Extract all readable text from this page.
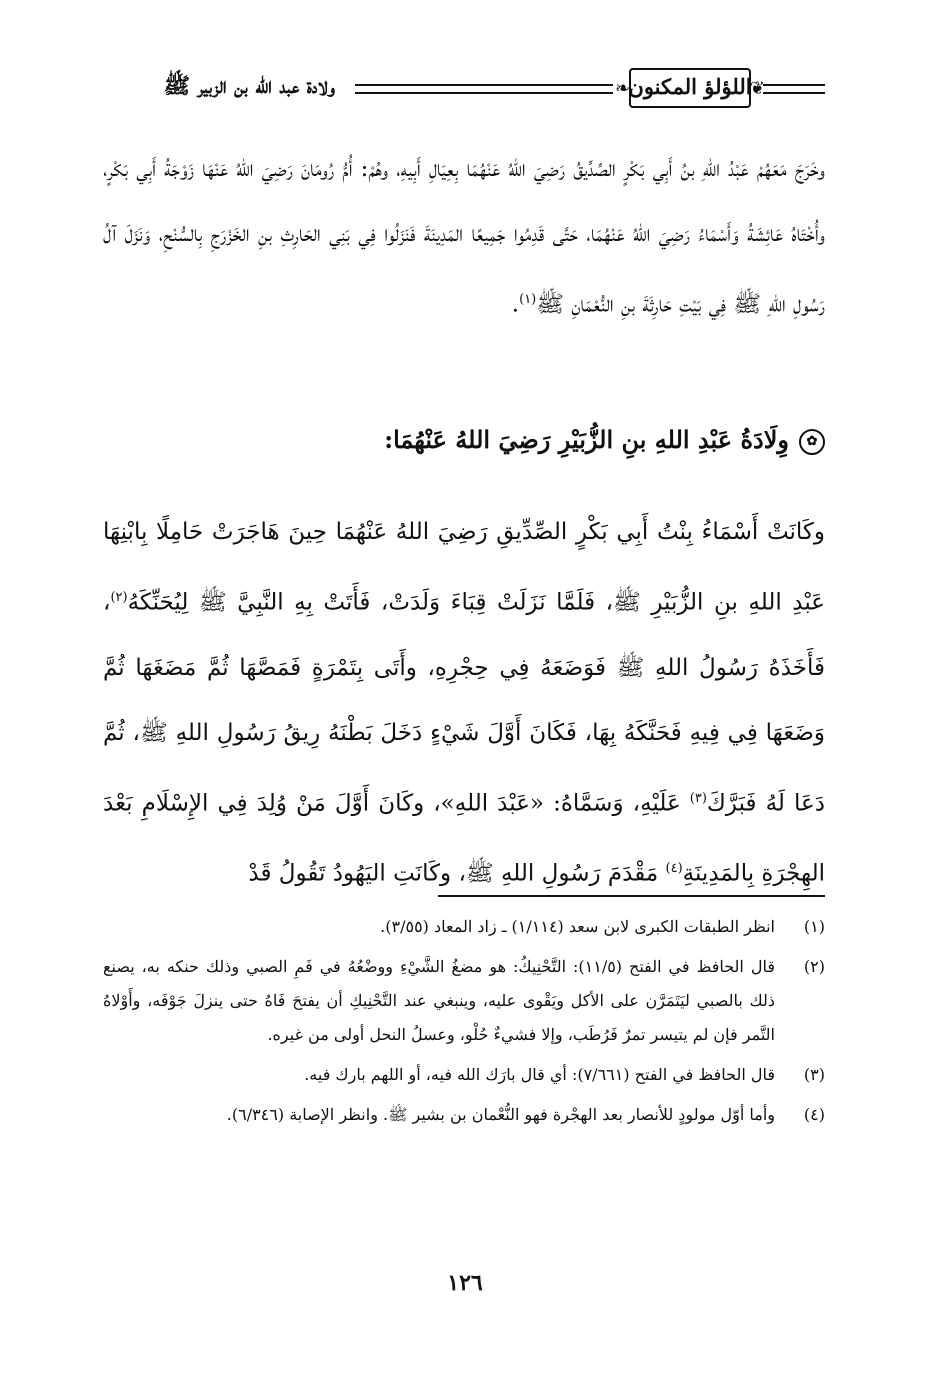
❦
❧
اللؤلؤ المكنون
ولادة عبد الله بن الزبير ﷺ
وخَرَجَ مَعَهُمْ عَبْدُ اللهِ بنُ أَبِي بَكْرٍ الصِّدِّيقُ رَضِيَ اللهُ عَنْهُمَا بِعِيَالِ أَبِيهِ، وهُمْ: أُمُّ رُومَانَ رَضِيَ اللهُ عَنْهَا زَوْجَةُ أَبِي بَكْرٍ، وأُخْتَاهُ عَائِشَةُ وَأَسْمَاءُ رَضِيَ اللهُ عَنْهُمَا، حَتَّى قَدِمُوا جَمِيعًا المَدِينَةَ فَنَزَلُوا فِي بَنِي الحَارِثِ بنِ الخَزْرَجِ بِالسُّنْحِ، وَنَزَلَ آلُ رَسُولِ اللهِ ﷺ فِي بَيْتِ حَارِثَةَ بنِ النُّعْمَانِ ﷺ$^{(١)}$.
✿وِلَادَةُ عَبْدِ اللهِ بنِ الزُّبَيْرِ رَضِيَ اللهُ عَنْهُمَا:
وكَانَتْ أَسْمَاءُ بِنْتُ أَبِي بَكْرٍ الصِّدِّيقِ رَضِيَ اللهُ عَنْهُمَا حِينَ هَاجَرَتْ حَامِلًا بِابْنِهَا عَبْدِ اللهِ بنِ الزُّبَيْرِ ﷺ، فَلَمَّا نَزَلَتْ قِبَاءَ وَلَدَتْ، فَأَتَتْ بِهِ النَّبِيَّ ﷺ لِيُحَنِّكَهُ$^{(٢)}$، فَأَخَذَهُ رَسُولُ اللهِ ﷺ فَوَضَعَهُ فِي حِجْرِهِ، وأَتَى بِتَمْرَةٍ فَمَصَّهَا ثُمَّ مَضَغَهَا ثُمَّ وَضَعَهَا فِي فِيهِ فَحَنَّكَهُ بِهَا، فَكَانَ أَوَّلَ شَيْءٍ دَخَلَ بَطْنَهُ رِيقُ رَسُولِ اللهِ ﷺ، ثُمَّ دَعَا لَهُ فَبَرَّكَ$^{(٣)}$ عَلَيْهِ، وَسَمَّاهُ: «عَبْدَ اللهِ»، وكَانَ أَوَّلَ مَنْ وُلِدَ فِي الإِسْلَامِ بَعْدَ الهِجْرَةِ بِالمَدِينَةِ$^{(٤)}$ مَقْدَمَ رَسُولِ اللهِ ﷺ، وكَانَتِ اليَهُودُ تَقُولُ قَدْ
(١)
انظر الطبقات الكبرى لابن سعد (١/١١٤) ـ زاد المعاد (٣/٥٥).
(٢)
قال الحافظ في الفتح (١١/٥): التَّحْنِيكُ: هو مضغُ الشَّيْءِ ووضْعُهُ في فَمِ الصبي وذلك حنكه به، يصنع ذلك بالصبي ليَتَمَرَّن على الأكل ويَقْوى عليه، وينبغي عند التَّحْنِيكِ أن يفتحَ فَاهُ حتى ينزلَ جَوْفَه، وأَوْلاهُ التَّمر فإن لم يتيسر تمرٌ فَرُطَب، وإلا فشيءٌ حُلْو، وعسلُ النحل أولى من غيره.
(٣)
قال الحافظ في الفتح (٧/٦٦١): أي قال بارَك الله فيه، أو اللهم بارك فيه.
(٤)
وأما أوّل مولودٍ للأنصار بعد الهجْرة فهو النُّعْمان بن بشير ﷺ. وانظر الإصابة (٦/٣٤٦).
١٢٦
